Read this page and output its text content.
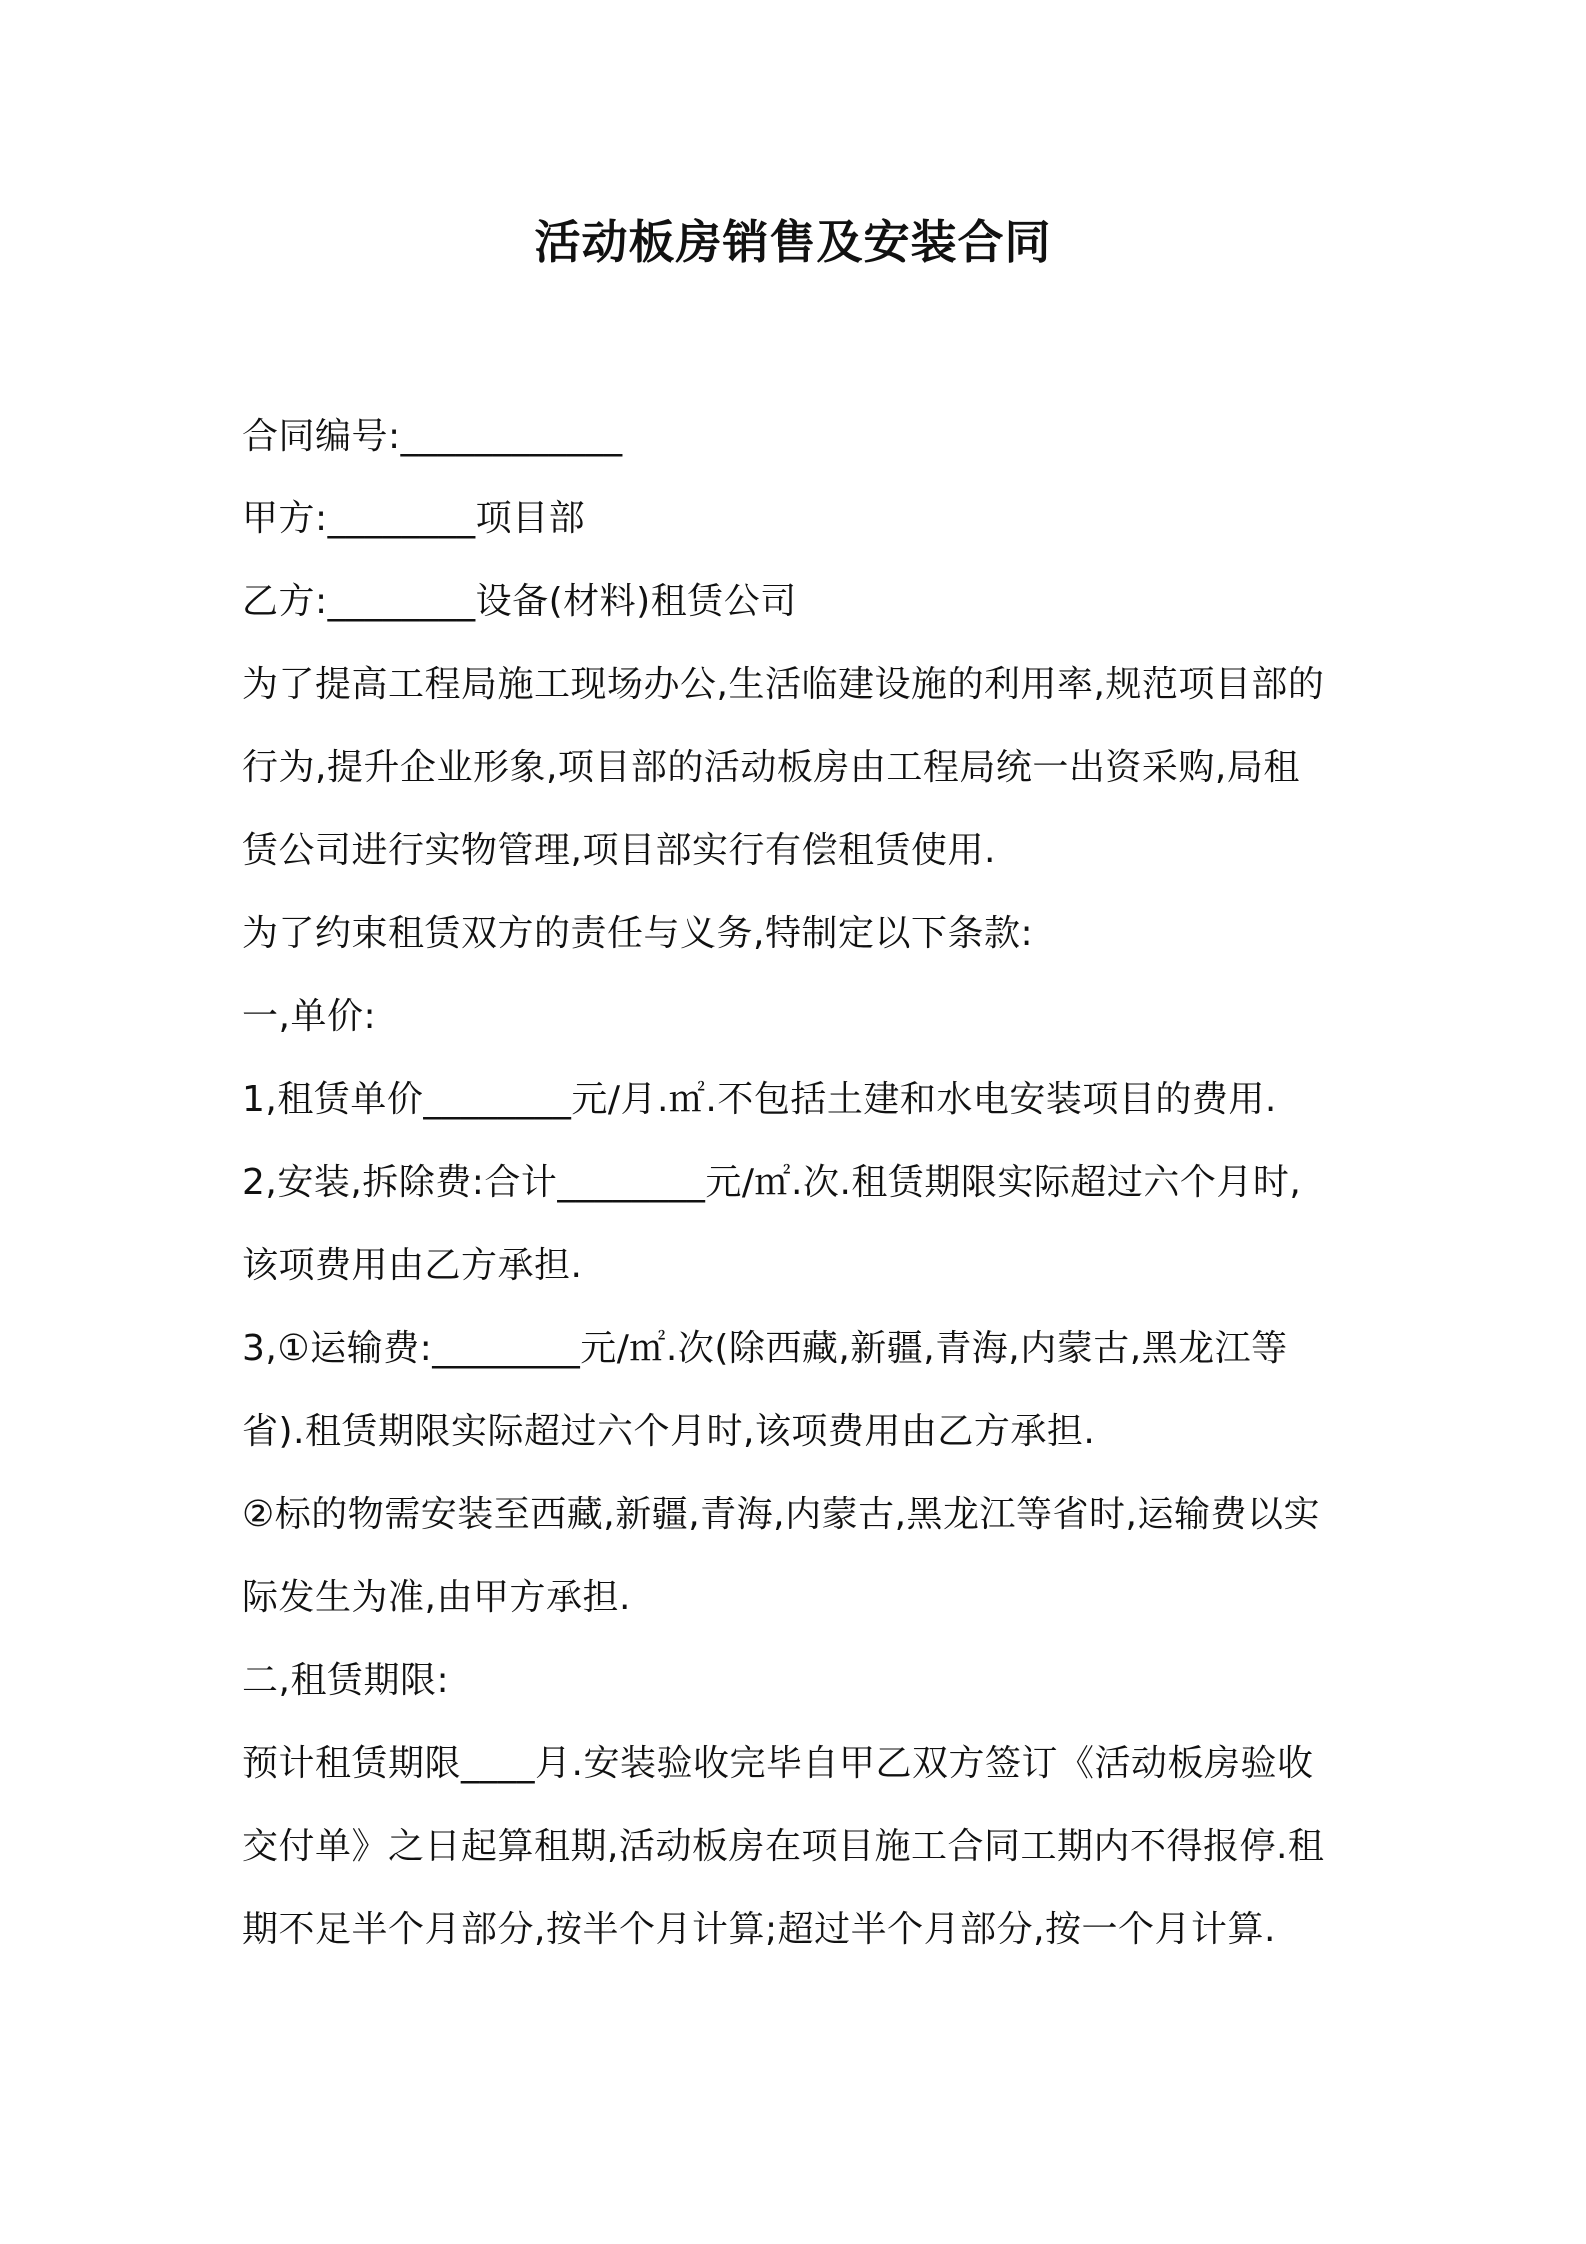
活动板房销售及安装合同
合同编号:____________
甲方:________项目部
乙方:________设备(材料)租赁公司
为了提高工程局施工现场办公,生活临建设施的利用率,规范项目部的
行为,提升企业形象,项目部的活动板房由工程局统一出资采购,局租
赁公司进行实物管理,项目部实行有偿租赁使用.
为了约束租赁双方的责任与义务,特制定以下条款:
一,单价:
1,租赁单价________元/月.㎡.不包括土建和水电安装项目的费用.
2,安装,拆除费:合计________元/㎡.次.租赁期限实际超过六个月时,
该项费用由乙方承担.
3,①运输费:________元/㎡.次(除西藏,新疆,青海,内蒙古,黑龙江等
省).租赁期限实际超过六个月时,该项费用由乙方承担.
②标的物需安装至西藏,新疆,青海,内蒙古,黑龙江等省时,运输费以实
际发生为准,由甲方承担.
二,租赁期限:
预计租赁期限____月.安装验收完毕自甲乙双方签订《活动板房验收
交付单》之日起算租期,活动板房在项目施工合同工期内不得报停.租
期不足半个月部分,按半个月计算;超过半个月部分,按一个月计算.
